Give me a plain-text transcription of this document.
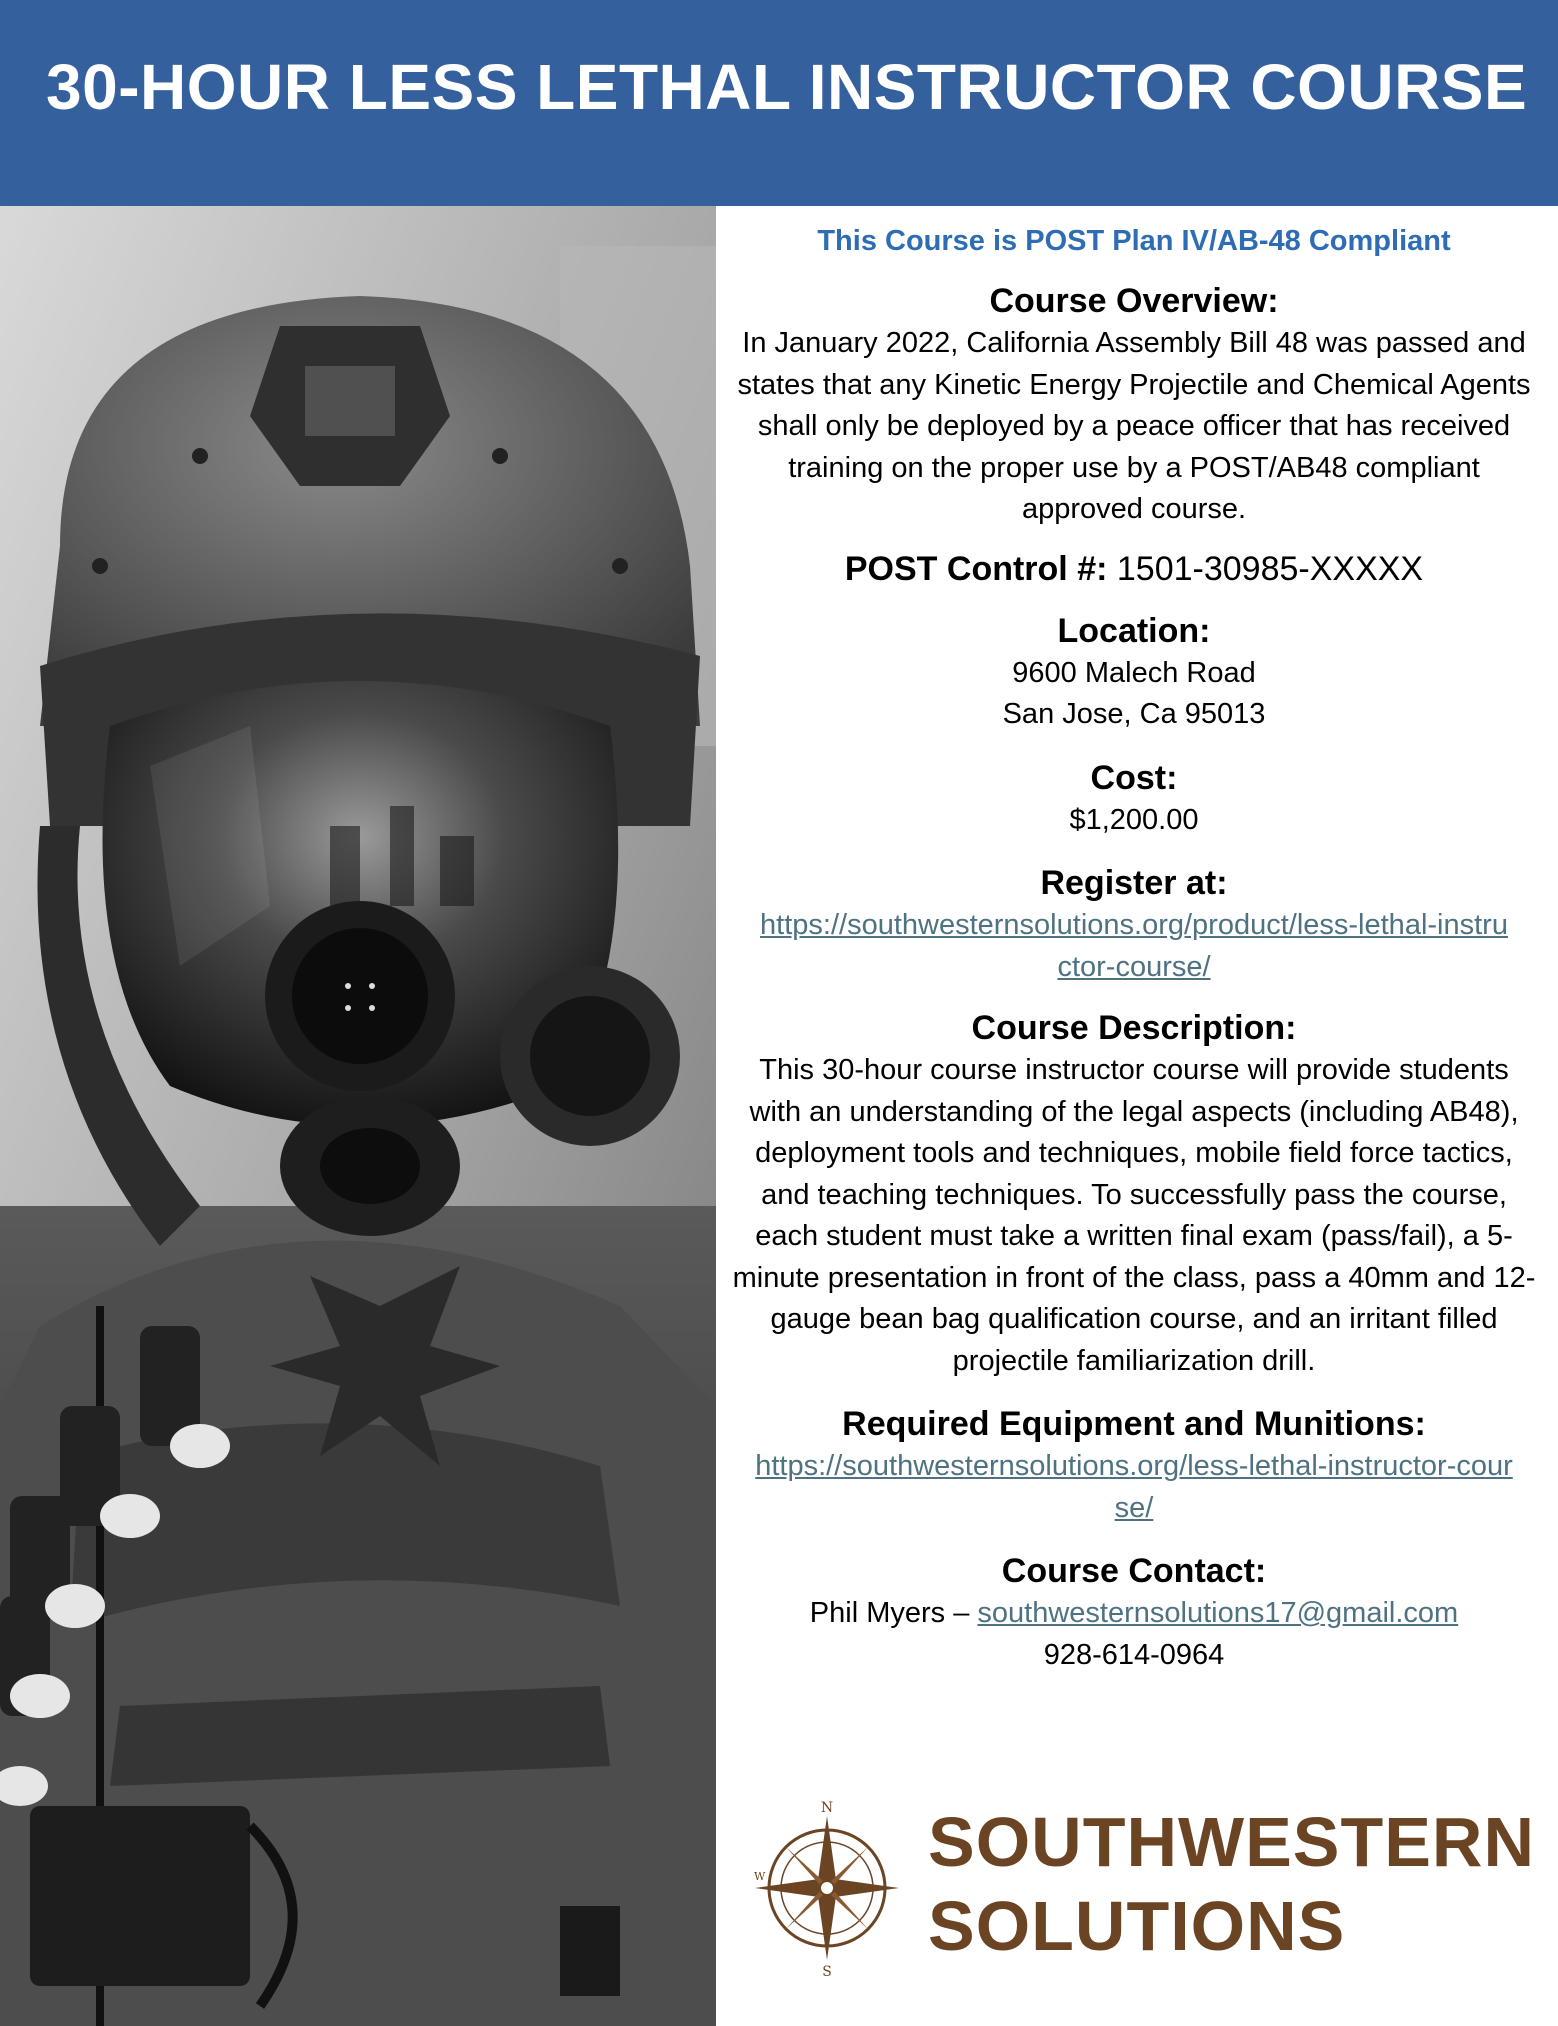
30-HOUR LESS LETHAL INSTRUCTOR COURSE
This Course is POST Plan IV/AB-48 Compliant
Course Overview:
In January 2022, California Assembly Bill 48 was passed and states that any Kinetic Energy Projectile and Chemical Agents shall only be deployed by a peace officer that has received training on the proper use by a POST/AB48 compliant approved course.
POST Control #: 1501-30985-XXXXX
Location:
9600 Malech Road
San Jose, Ca 95013
Cost:
$1,200.00
Register at:
https://southwesternsolutions.org/product/less-lethal-instructor-course/
Course Description:
This 30-hour course instructor course will provide students with an understanding of the legal aspects (including AB48), deployment tools and techniques, mobile field force tactics, and teaching techniques. To successfully pass the course, each student must take a written final exam (pass/fail), a 5-minute presentation in front of the class, pass a 40mm and 12-gauge bean bag qualification course, and an irritant filled projectile familiarization drill.
Required Equipment and Munitions:
https://southwesternsolutions.org/less-lethal-instructor-course/
Course Contact:
Phil Myers – southwesternsolutions17@gmail.com
928-614-0964
N
S
W SOUTHWESTERN
SOLUTIONS
